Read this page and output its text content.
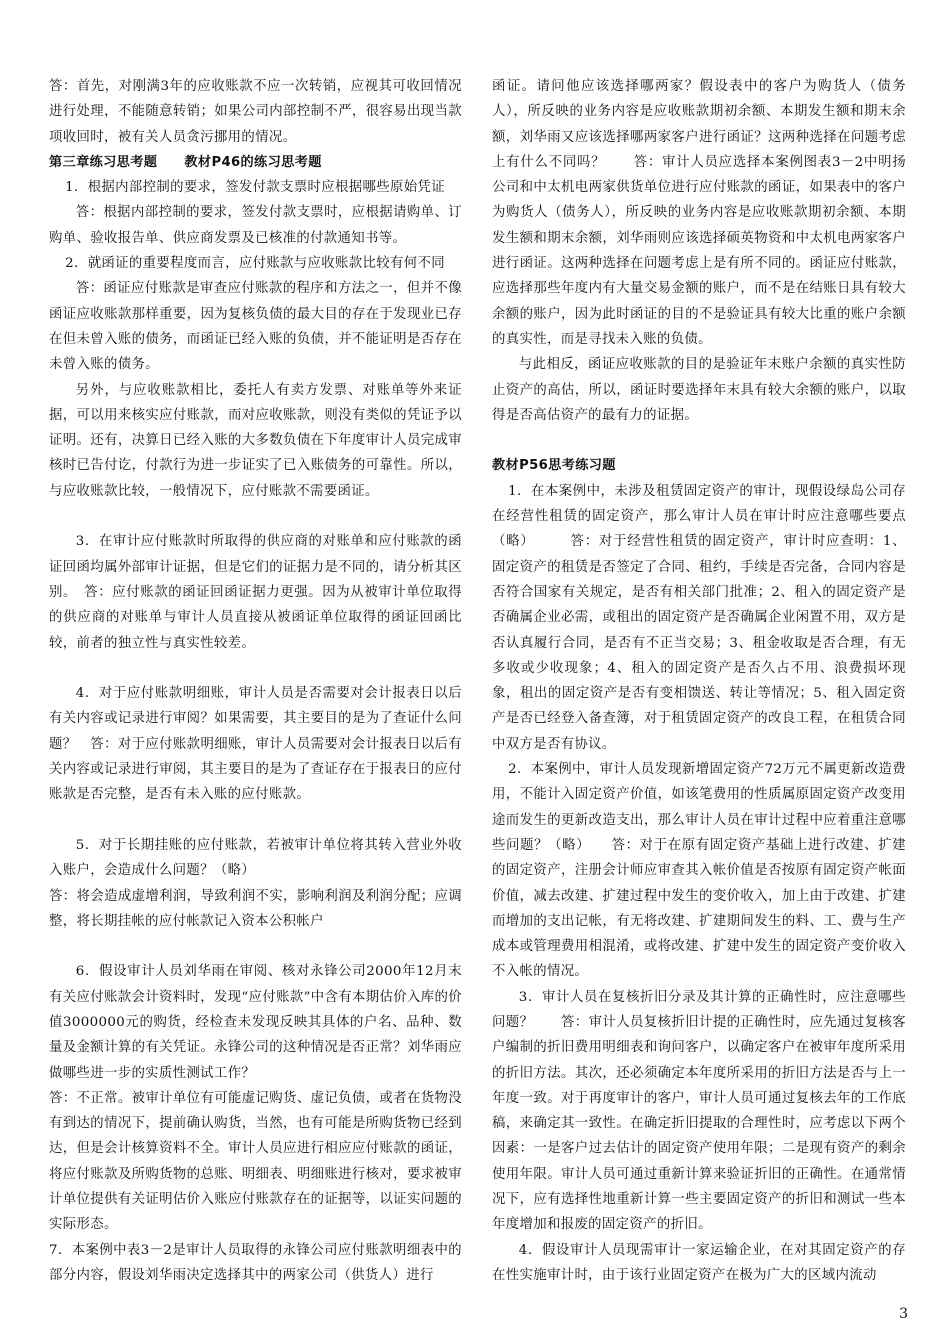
答：首先，对刚满3年的应收账款不应一次转销，应视其可收回情况进行处理，不能随意转销；如果公司内部控制不严，很容易出现当款项收回时，被有关人员贪污挪用的情况。

第三章练习思考题　　教材P46的练习思考题

1．根据内部控制的要求，签发付款支票时应根据哪些原始凭证

答：根据内部控制的要求，签发付款支票时，应根据请购单、订购单、验收报告单、供应商发票及已核准的付款通知书等。

2．就函证的重要程度而言，应付账款与应收账款比较有何不同

答：函证应付账款是审查应付账款的程序和方法之一，但并不像函证应收账款那样重要，因为复核负债的最大目的存在于发现业已存在但未曾入账的债务，而函证已经入账的负债，并不能证明是否存在未曾入账的债务。

另外，与应收账款相比，委托人有卖方发票、对账单等外来证据，可以用来核实应付账款，而对应收账款，则没有类似的凭证予以证明。还有，决算日已经入账的大多数负债在下年度审计人员完成审核时已告付讫，付款行为进一步证实了已入账债务的可靠性。所以，与应收账款比较，一般情况下，应付账款不需要函证。

3．在审计应付账款时所取得的供应商的对账单和应付账款的函证回函均属外部审计证据，但是它们的证据力是不同的，请分析其区别。　答：应付账款的函证回函证据力更强。因为从被审计单位取得的供应商的对账单与审计人员直接从被函证单位取得的函证回函比较，前者的独立性与真实性较差。

4．对于应付账款明细账，审计人员是否需要对会计报表日以后有关内容或记录进行审阅？如果需要，其主要目的是为了查证什么问题？　答：对于应付账款明细账，审计人员需要对会计报表日以后有关内容或记录进行审阅，其主要目的是为了查证存在于报表日的应付账款是否完整，是否有未入账的应付账款。

5．对于长期挂账的应付账款，若被审计单位将其转入营业外收入账户，会造成什么问题？（略）

答：将会造成虚增利润，导致利润不实，影响利润及利润分配；应调整，将长期挂帐的应付帐款记入资本公积帐户

6．假设审计人员刘华雨在审阅、核对永锋公司2000年12月末有关应付账款会计资料时，发现“应付账款”中含有本期估价入库的价值3000000元的购货，经检查未发现反映其具体的户名、品种、数量及金额计算的有关凭证。永锋公司的这种情况是否正常？刘华雨应做哪些进一步的实质性测试工作？

答：不正常。被审计单位有可能虚记购货、虚记负债，或者在货物没有到达的情况下，提前确认购货，当然，也有可能是所购货物已经到达，但是会计核算资料不全。审计人员应进行相应应付账款的函证，将应付账款及所购货物的总账、明细表、明细账进行核对，要求被审计单位提供有关证明估价入账应付账款存在的证据等，以证实问题的实际形态。

7．本案例中表3－2是审计人员取得的永锋公司应付账款明细表中的部分内容，假设刘华雨决定选择其中的两家公司（供货人）进行

函证。请问他应该选择哪两家？假设表中的客户为购货人（债务人），所反映的业务内容是应收账款期初余额、本期发生额和期末余额，刘华雨又应该选择哪两家客户进行函证？这两种选择在问题考虑上有什么不同吗？　　答：审计人员应选择本案例图表3－2中明扬公司和中太机电两家供货单位进行应付账款的函证，如果表中的客户为购货人（债务人），所反映的业务内容是应收账款期初余额、本期发生额和期末余额，刘华雨则应该选择硕英物资和中太机电两家客户进行函证。这两种选择在问题考虑上是有所不同的。函证应付账款，应选择那些年度内有大量交易金额的账户，而不是在结账日具有较大余额的账户，因为此时函证的目的不是验证具有较大比重的账户余额的真实性，而是寻找未入账的负债。

与此相反，函证应收账款的目的是验证年末账户余额的真实性防止资产的高估，所以，函证时要选择年末具有较大余额的账户，以取得是否高估资产的最有力的证据。

教材P56思考练习题

1．在本案例中，未涉及租赁固定资产的审计，现假设绿岛公司存在经营性租赁的固定资产，那么审计人员在审计时应注意哪些要点（略）　　　答：对于经营性租赁的固定资产，审计时应查明：1、固定资产的租赁是否签定了合同、租约，手续是否完备，合同内容是否符合国家有关规定，是否有相关部门批准；2、租入的固定资产是否确属企业必需，或租出的固定资产是否确属企业闲置不用，双方是否认真履行合同，是否有不正当交易；3、租金收取是否合理，有无多收或少收现象；4、租入的固定资产是否久占不用、浪费损坏现象，租出的固定资产是否有变相馈送、转让等情况；5、租入固定资产是否已经登入备查簿，对于租赁固定资产的改良工程，在租赁合同中双方是否有协议。

2．本案例中，审计人员发现新增固定资产72万元不属更新改造费用，不能计入固定资产价值，如该笔费用的性质属原固定资产改变用途而发生的更新改造支出，那么审计人员在审计过程中应着重注意哪些问题？（略）　　答：对于在原有固定资产基础上进行改建、扩建的固定资产，注册会计师应审查其入帐价值是否按原有固定资产帐面价值，减去改建、扩建过程中发生的变价收入，加上由于改建、扩建而增加的支出记帐，有无将改建、扩建期间发生的料、工、费与生产成本或管理费用相混淆，或将改建、扩建中发生的固定资产变价收入不入帐的情况。

3．审计人员在复核折旧分录及其计算的正确性时，应注意哪些问题？　　答：审计人员复核折旧计提的正确性时，应先通过复核客户编制的折旧费用明细表和询问客户，以确定客户在被审年度所采用的折旧方法。其次，还必须确定本年度所采用的折旧方法是否与上一年度一致。对于再度审计的客户，审计人员可通过复核去年的工作底稿，来确定其一致性。在确定折旧提取的合理性时，应考虑以下两个因素：一是客户过去估计的固定资产使用年限；二是现有资产的剩余使用年限。审计人员可通过重新计算来验证折旧的正确性。在通常情况下，应有选择性地重新计算一些主要固定资产的折旧和测试一些本年度增加和报废的固定资产的折旧。

4．假设审计人员现需审计一家运输企业，在对其固定资产的存在性实施审计时，由于该行业固定资产在极为广大的区域内流动

3
